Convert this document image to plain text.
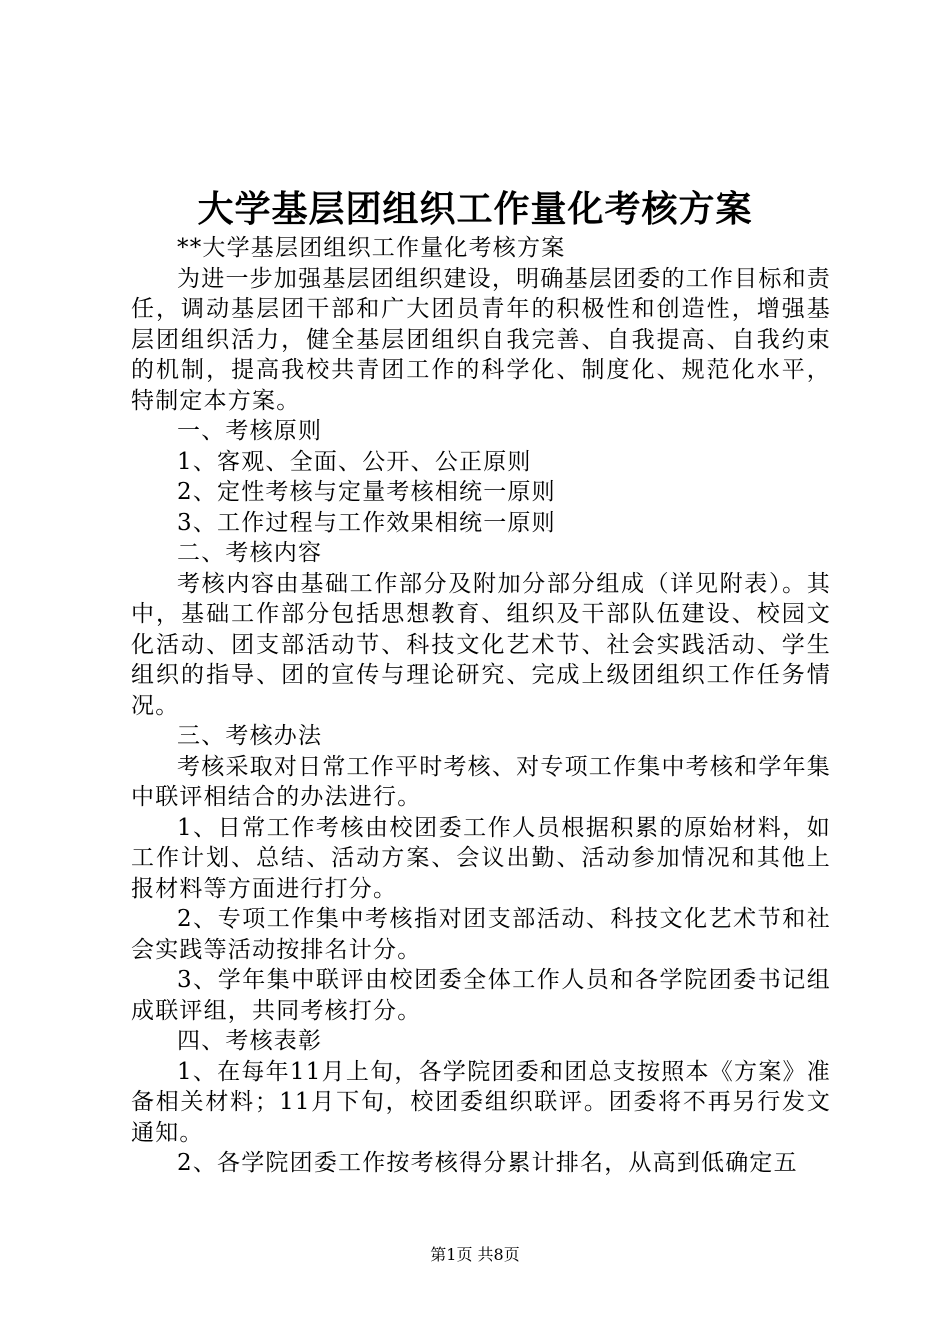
大学基层团组织工作量化考核方案

**大学基层团组织工作量化考核方案

为进一步加强基层团组织建设，明确基层团委的工作目标和责任，调动基层团干部和广大团员青年的积极性和创造性，增强基层团组织活力，健全基层团组织自我完善、自我提高、自我约束的机制，提高我校共青团工作的科学化、制度化、规范化水平，特制定本方案。

一、考核原则

1、客观、全面、公开、公正原则

2、定性考核与定量考核相统一原则

3、工作过程与工作效果相统一原则

二、考核内容

考核内容由基础工作部分及附加分部分组成（详见附表）。其中，基础工作部分包括思想教育、组织及干部队伍建设、校园文化活动、团支部活动节、科技文化艺术节、社会实践活动、学生组织的指导、团的宣传与理论研究、完成上级团组织工作任务情况。

三、考核办法

考核采取对日常工作平时考核、对专项工作集中考核和学年集中联评相结合的办法进行。

1、日常工作考核由校团委工作人员根据积累的原始材料，如工作计划、总结、活动方案、会议出勤、活动参加情况和其他上报材料等方面进行打分。

2、专项工作集中考核指对团支部活动、科技文化艺术节和社会实践等活动按排名计分。

3、学年集中联评由校团委全体工作人员和各学院团委书记组成联评组，共同考核打分。

四、考核表彰

1、在每年11月上旬，各学院团委和团总支按照本《方案》准备相关材料；11月下旬，校团委组织联评。团委将不再另行发文通知。

2、各学院团委工作按考核得分累计排名，从高到低确定五

第1页 共8页
